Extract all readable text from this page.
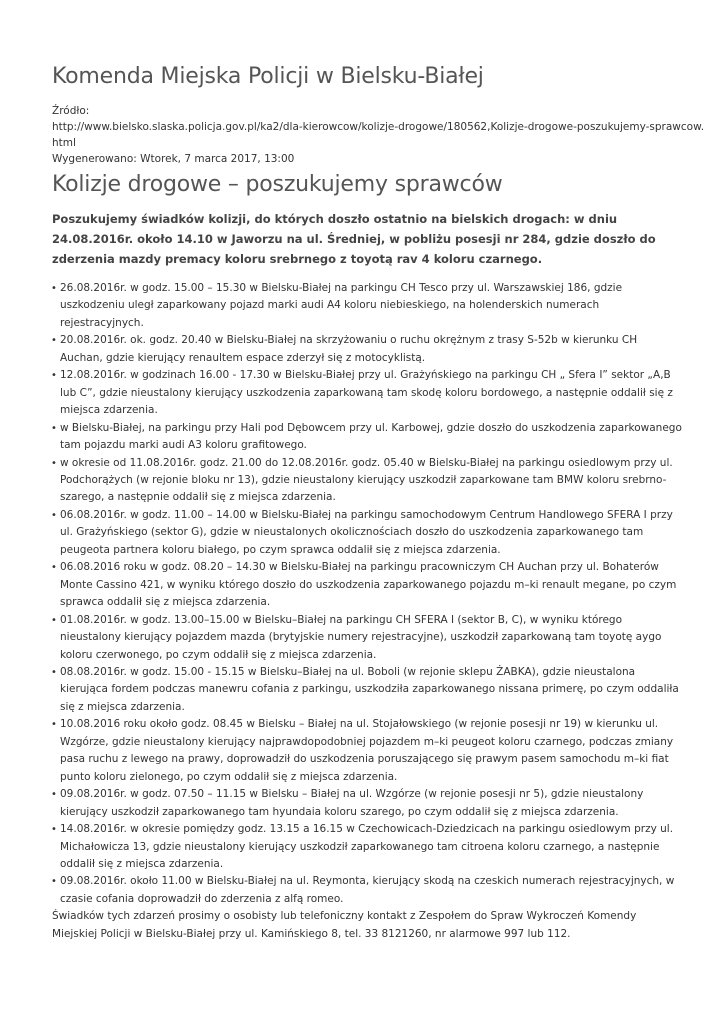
Komenda Miejska Policji w Bielsku-Białej
Źródło:
http://www.bielsko.slaska.policja.gov.pl/ka2/dla-kierowcow/kolizje-drogowe/180562,Kolizje-drogowe-poszukujemy-sprawcow.
html
Wygenerowano: Wtorek, 7 marca 2017, 13:00
Kolizje drogowe – poszukujemy sprawców

Poszukujemy świadków kolizji, do których doszło ostatnio na bielskich drogach: w dniu 24.08.2016r. około 14.10 w Jaworzu na ul. Średniej, w pobliżu posesji nr 284, gdzie doszło do zderzenia mazdy premacy koloru srebrnego z toyotą rav 4 koloru czarnego.

• 26.08.2016r. w godz. 15.00 – 15.30 w Bielsku-Białej na parkingu CH Tesco przy ul. Warszawskiej 186, gdzie uszkodzeniu uległ zaparkowany pojazd marki audi A4 koloru niebieskiego, na holenderskich numerach rejestracyjnych.
• 20.08.2016r. ok. godz. 20.40 w Bielsku-Białej na skrzyżowaniu o ruchu okrężnym z trasy S-52b w kierunku CH Auchan, gdzie kierujący renaultem espace zderzył się z motocyklistą.
• 12.08.2016r. w godzinach 16.00 - 17.30 w Bielsku-Białej przy ul. Grażyńskiego na parkingu CH „ Sfera I” sektor „A,B lub C”, gdzie nieustalony kierujący uszkodzenia zaparkowaną tam skodę koloru bordowego, a następnie oddalił się z miejsca zdarzenia.
• w Bielsku-Białej, na parkingu przy Hali pod Dębowcem przy ul. Karbowej, gdzie doszło do uszkodzenia zaparkowanego tam pojazdu marki audi A3 koloru grafitowego.
• w okresie od 11.08.2016r. godz. 21.00 do 12.08.2016r. godz. 05.40 w Bielsku-Białej na parkingu osiedlowym przy ul. Podchorążych (w rejonie bloku nr 13), gdzie nieustalony kierujący uszkodził zaparkowane tam BMW koloru srebrno-szarego, a następnie oddalił się z miejsca zdarzenia.
• 06.08.2016r. w godz. 11.00 – 14.00 w Bielsku-Białej na parkingu samochodowym Centrum Handlowego SFERA I przy ul. Grażyńskiego (sektor G), gdzie w nieustalonych okolicznościach doszło do uszkodzenia zaparkowanego tam peugeota partnera koloru białego, po czym sprawca oddalił się z miejsca zdarzenia.
• 06.08.2016 roku w godz. 08.20 – 14.30 w Bielsku-Białej na parkingu pracowniczym CH Auchan przy ul. Bohaterów Monte Cassino 421, w wyniku którego doszło do uszkodzenia zaparkowanego pojazdu m–ki renault megane, po czym sprawca oddalił się z miejsca zdarzenia.
• 01.08.2016r. w godz. 13.00–15.00 w Bielsku–Białej na parkingu CH SFERA I (sektor B, C), w wyniku którego nieustalony kierujący pojazdem mazda (brytyjskie numery rejestracyjne), uszkodził zaparkowaną tam toyotę aygo koloru czerwonego, po czym oddalił się z miejsca zdarzenia.
• 08.08.2016r. w godz. 15.00 - 15.15 w Bielsku–Białej na ul. Boboli (w rejonie sklepu ŻABKA), gdzie nieustalona kierująca fordem podczas manewru cofania z parkingu, uszkodziła zaparkowanego nissana primerę, po czym oddaliła się z miejsca zdarzenia.
• 10.08.2016 roku około godz. 08.45 w Bielsku – Białej na ul. Stojałowskiego (w rejonie posesji nr 19) w kierunku ul. Wzgórze, gdzie nieustalony kierujący najprawdopodobniej pojazdem m–ki peugeot koloru czarnego, podczas zmiany pasa ruchu z lewego na prawy, doprowadził do uszkodzenia poruszającego się prawym pasem samochodu m–ki fiat punto koloru zielonego, po czym oddalił się z miejsca zdarzenia.
• 09.08.2016r. w godz. 07.50 – 11.15 w Bielsku – Białej na ul. Wzgórze (w rejonie posesji nr 5), gdzie nieustalony kierujący uszkodził zaparkowanego tam hyundaia koloru szarego, po czym oddalił się z miejsca zdarzenia.
• 14.08.2016r. w okresie pomiędzy godz. 13.15 a 16.15 w Czechowicach-Dziedzicach na parkingu osiedlowym przy ul. Michałowicza 13, gdzie nieustalony kierujący uszkodził zaparkowanego tam citroena koloru czarnego, a następnie oddalił się z miejsca zdarzenia.
• 09.08.2016r. około 11.00 w Bielsku-Białej na ul. Reymonta, kierujący skodą na czeskich numerach rejestracyjnych, w czasie cofania doprowadził do zderzenia z alfą romeo.

Świadków tych zdarzeń prosimy o osobisty lub telefoniczny kontakt z Zespołem do Spraw Wykroczeń Komendy Miejskiej Policji w Bielsku-Białej przy ul. Kamińskiego 8, tel. 33 8121260, nr alarmowe 997 lub 112.
